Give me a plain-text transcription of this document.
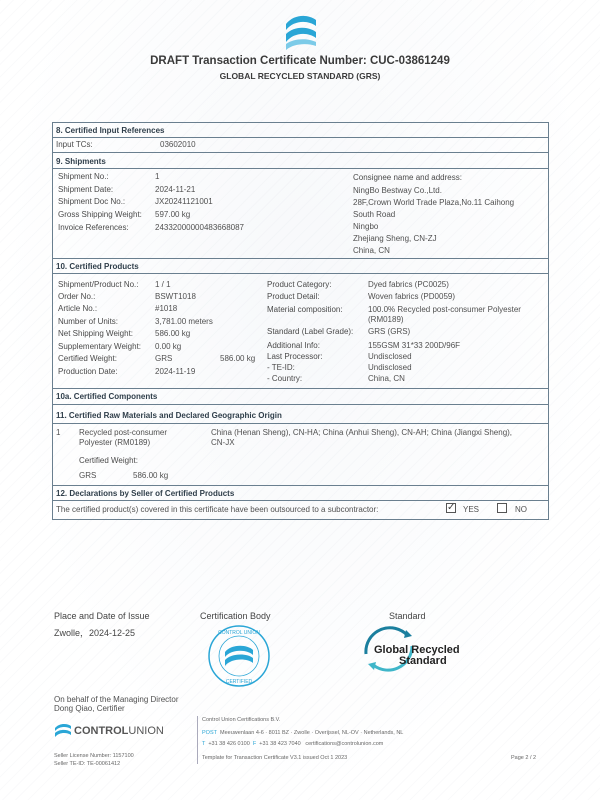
DRAFT Transaction Certificate Number: CUC-03861249
GLOBAL RECYCLED STANDARD (GRS)
8. Certified Input References
Input TCs:	03602010
9. Shipments
Shipment No.:	1
Shipment Date:	2024-11-21
Shipment Doc No.:	JX20241121001
Gross Shipping Weight: 597.00 kg
Invoice References:	24332000000483668087
Consignee name and address:
NingBo Bestway Co.,Ltd.
28F,Crown World Trade Plaza,No.11 Caihong
South Road
Ningbo
Zhejiang Sheng, CN-ZJ
China, CN
10. Certified Products
Shipment/Product No.: 1 / 1
Order No.:	BSWT1018
Article No.:	#1018
Number of Units:	3,781.00 meters
Net Shipping Weight:	586.00 kg
Supplementary Weight: 0.00 kg
Certified Weight:	GRS	586.00 kg
Production Date:	2024-11-19
Product Category:	Dyed fabrics (PC0025)
Product Detail:	Woven fabrics (PD0059)
Material composition:	100.0% Recycled post-consumer Polyester
(RM0189)
Standard (Label Grade): GRS (GRS)
Additional Info:	155GSM 31*33 200D/96F
Last Processor:	Undisclosed
- TE-ID:	Undisclosed
- Country:	China, CN
10a. Certified Components
11. Certified Raw Materials and Declared Geographic Origin
1 Recycled post-consumer
Polyester (RM0189)
China (Henan Sheng), CN-HA; China (Anhui Sheng), CN-AH; China (Jiangxi Sheng),
CN-JX
Certified Weight:
GRS	586.00 kg
12. Declarations by Seller of Certified Products
The certified product(s) covered in this certificate have been outsourced to a subcontractor:	✓ YES	NO
Place and Date of Issue
Zwolle，2024-12-25
Certification Body
CONTROL UNION
CERTIFIED
Standard
Global Recycled
Standard
On behalf of the Managing Director
Dong Qiao, Certifier
CONTROLUNION
Control Union Certifications B.V.
POST Meeuwenlaan 4-6 · 8011 BZ · Zwolle · Overijssel, NL-OV · Netherlands, NL
T +31 38 426 0100 F +31 38 423 7040 certifications@controlunion.com
Seller License Number: 1157100
Seller TE-ID: TE-00061412
Template for Transaction Certificate V3.1 issued Oct 1 2023	Page 2 / 2
